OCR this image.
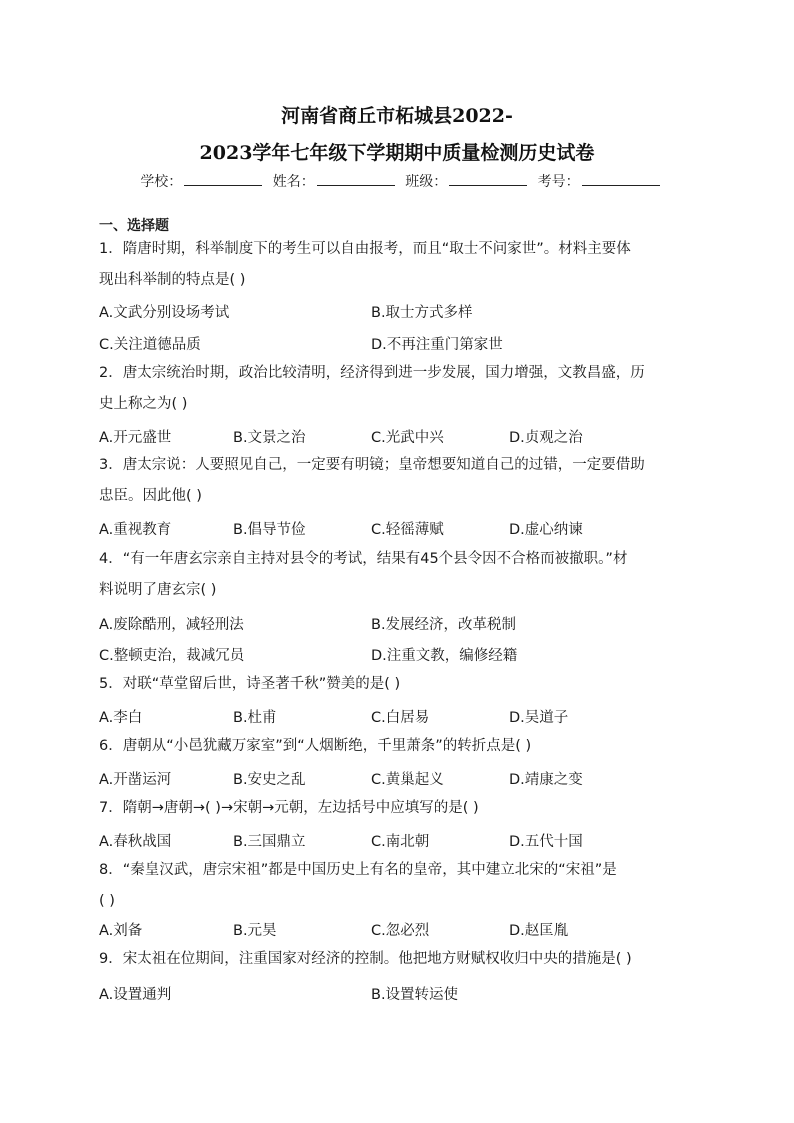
河南省商丘市柘城县2022-
2023学年七年级下学期期中质量检测历史试卷
学校：	姓名：	班级：	考号：
一、选择题
1．隋唐时期，科举制度下的考生可以自由报考，而且“取士不问家世”。材料主要体
现出科举制的特点是( )
A.文武分别设场考试	B.取士方式多样
C.关注道德品质	D.不再注重门第家世
2．唐太宗统治时期，政治比较清明，经济得到进一步发展，国力增强，文教昌盛，历
史上称之为( )
A.开元盛世	B.文景之治	C.光武中兴	D.贞观之治
3．唐太宗说：人要照见自己，一定要有明镜；皇帝想要知道自己的过错，一定要借助
忠臣。因此他( )
A.重视教育	B.倡导节俭	C.轻徭薄赋	D.虚心纳谏
4．“有一年唐玄宗亲自主持对县令的考试，结果有45个县令因不合格而被撤职。”材
料说明了唐玄宗( )
A.废除酷刑，减轻刑法	B.发展经济，改革税制
C.整顿吏治，裁减冗员	D.注重文教，编修经籍
5．对联“草堂留后世，诗圣著千秋”赞美的是( )
A.李白	B.杜甫	C.白居易	D.吴道子
6．唐朝从“小邑犹藏万家室”到“人烟断绝，千里萧条”的转折点是( )
A.开凿运河	B.安史之乱	C.黄巢起义	D.靖康之变
7．隋朝→唐朝→( )→宋朝→元朝，左边括号中应填写的是( )
A.春秋战国	B.三国鼎立	C.南北朝	D.五代十国
8．“秦皇汉武，唐宗宋祖”都是中国历史上有名的皇帝，其中建立北宋的“宋祖”是
( )
A.刘备	B.元昊	C.忽必烈	D.赵匡胤
9．宋太祖在位期间，注重国家对经济的控制。他把地方财赋权收归中央的措施是( )
A.设置通判	B.设置转运使
